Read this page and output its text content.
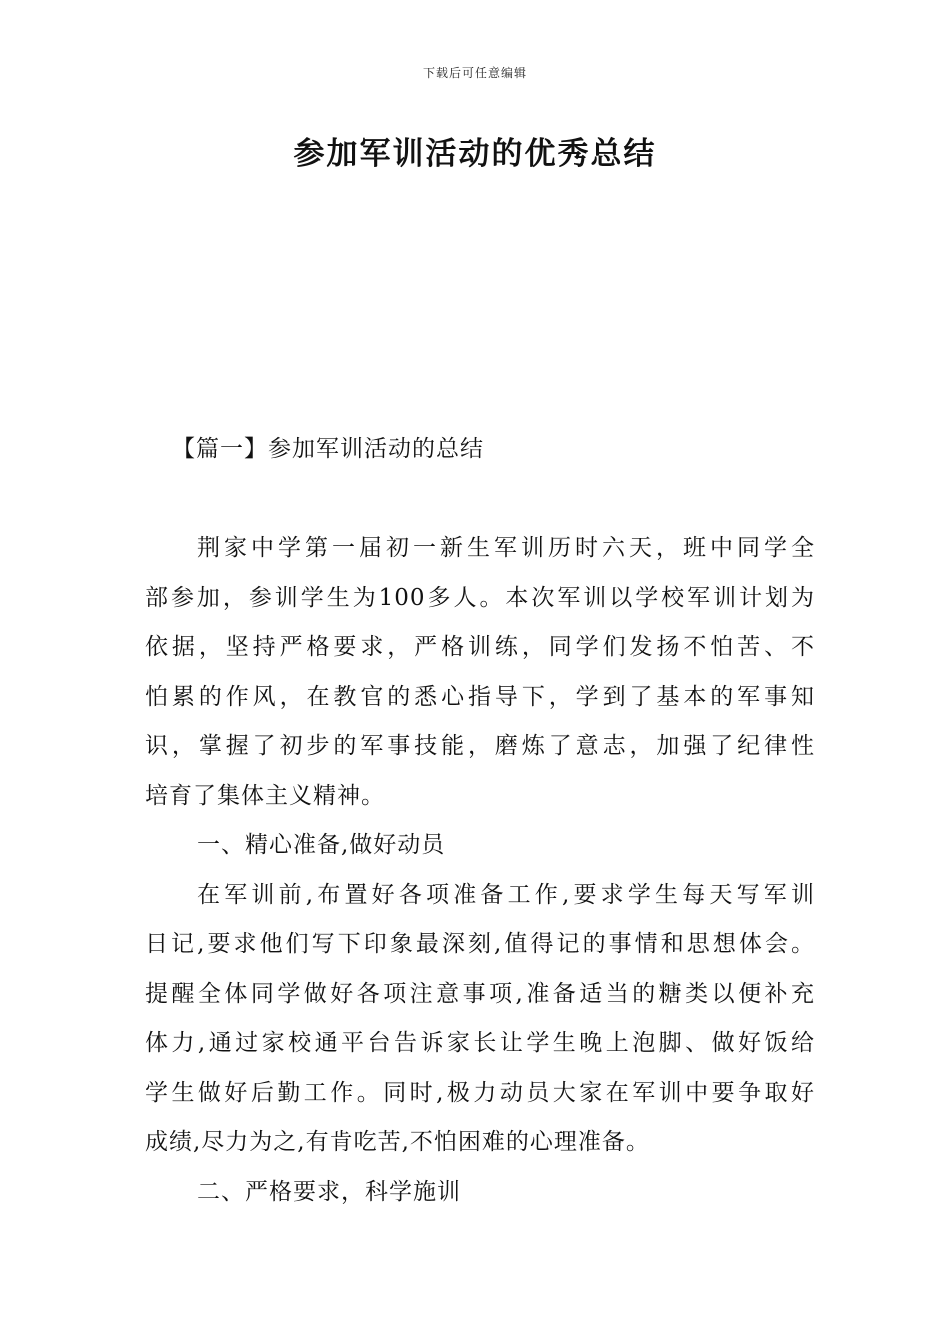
下载后可任意编辑
参加军训活动的优秀总结
【篇一】参加军训活动的总结
荆家中学第一届初一新生军训历时六天，班中同学全
部参加，参训学生为100多人。本次军训以学校军训计划为
依据，坚持严格要求，严格训练，同学们发扬不怕苦、不
怕累的作风，在教官的悉心指导下，学到了基本的军事知
识，掌握了初步的军事技能，磨炼了意志，加强了纪律性
培育了集体主义精神。
一、精心准备,做好动员
在军训前,布置好各项准备工作,要求学生每天写军训
日记,要求他们写下印象最深刻,值得记的事情和思想体会。
提醒全体同学做好各项注意事项,准备适当的糖类以便补充
体力,通过家校通平台告诉家长让学生晚上泡脚、做好饭给
学生做好后勤工作。同时,极力动员大家在军训中要争取好
成绩,尽力为之,有肯吃苦,不怕困难的心理准备。
二、严格要求，科学施训
